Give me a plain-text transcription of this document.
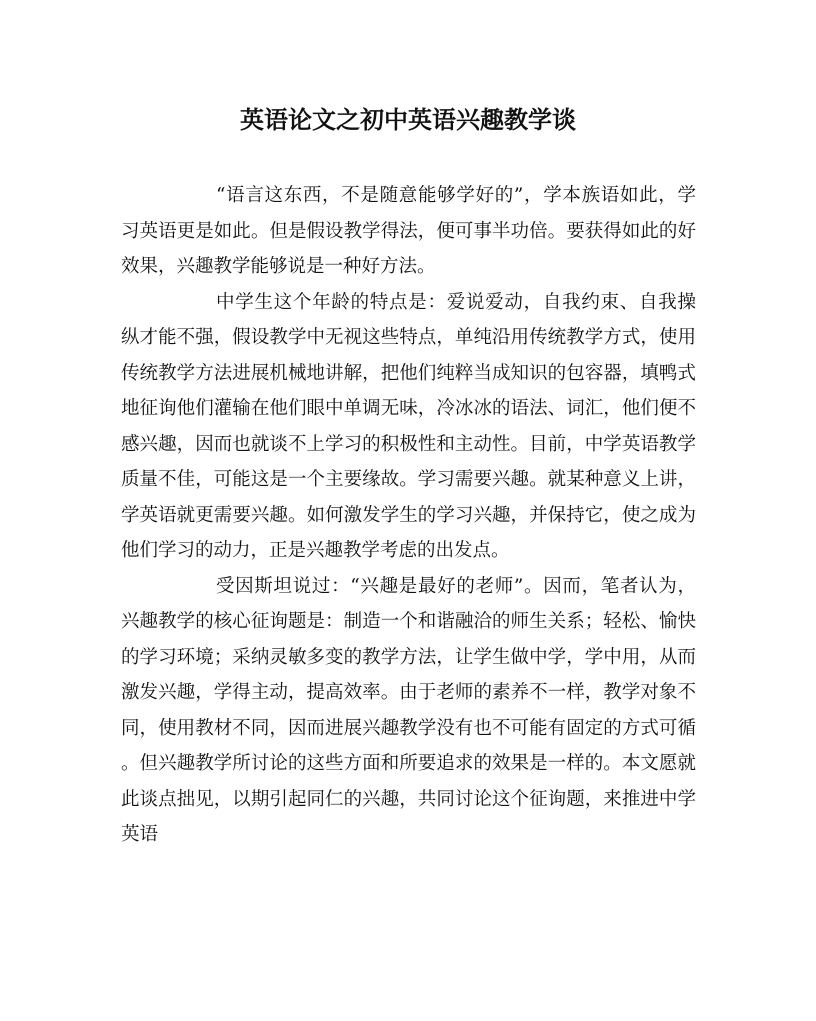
英语论文之初中英语兴趣教学谈

“语言这东西，不是随意能够学好的”，学本族语如此，学习英语更是如此。但是假设教学得法，便可事半功倍。要获得如此的好效果，兴趣教学能够说是一种好方法。

中学生这个年龄的特点是：爱说爱动，自我约束、自我操纵才能不强，假设教学中无视这些特点，单纯沿用传统教学方式，使用传统教学方法进展机械地讲解，把他们纯粹当成知识的包容器，填鸭式地征询他们灌输在他们眼中单调无味，冷冰冰的语法、词汇，他们便不感兴趣，因而也就谈不上学习的积极性和主动性。目前，中学英语教学质量不佳，可能这是一个主要缘故。学习需要兴趣。就某种意义上讲，学英语就更需要兴趣。如何激发学生的学习兴趣，并保持它，使之成为他们学习的动力，正是兴趣教学考虑的出发点。

受因斯坦说过：“兴趣是最好的老师”。因而，笔者认为，兴趣教学的核心征询题是：制造一个和谐融洽的师生关系；轻松、愉快的学习环境；采纳灵敏多变的教学方法，让学生做中学，学中用，从而激发兴趣，学得主动，提高效率。由于老师的素养不一样，教学对象不同，使用教材不同，因而进展兴趣教学没有也不可能有固定的方式可循。但兴趣教学所讨论的这些方面和所要追求的效果是一样的。本文愿就此谈点拙见，以期引起同仁的兴趣，共同讨论这个征询题，来推进中学英语
